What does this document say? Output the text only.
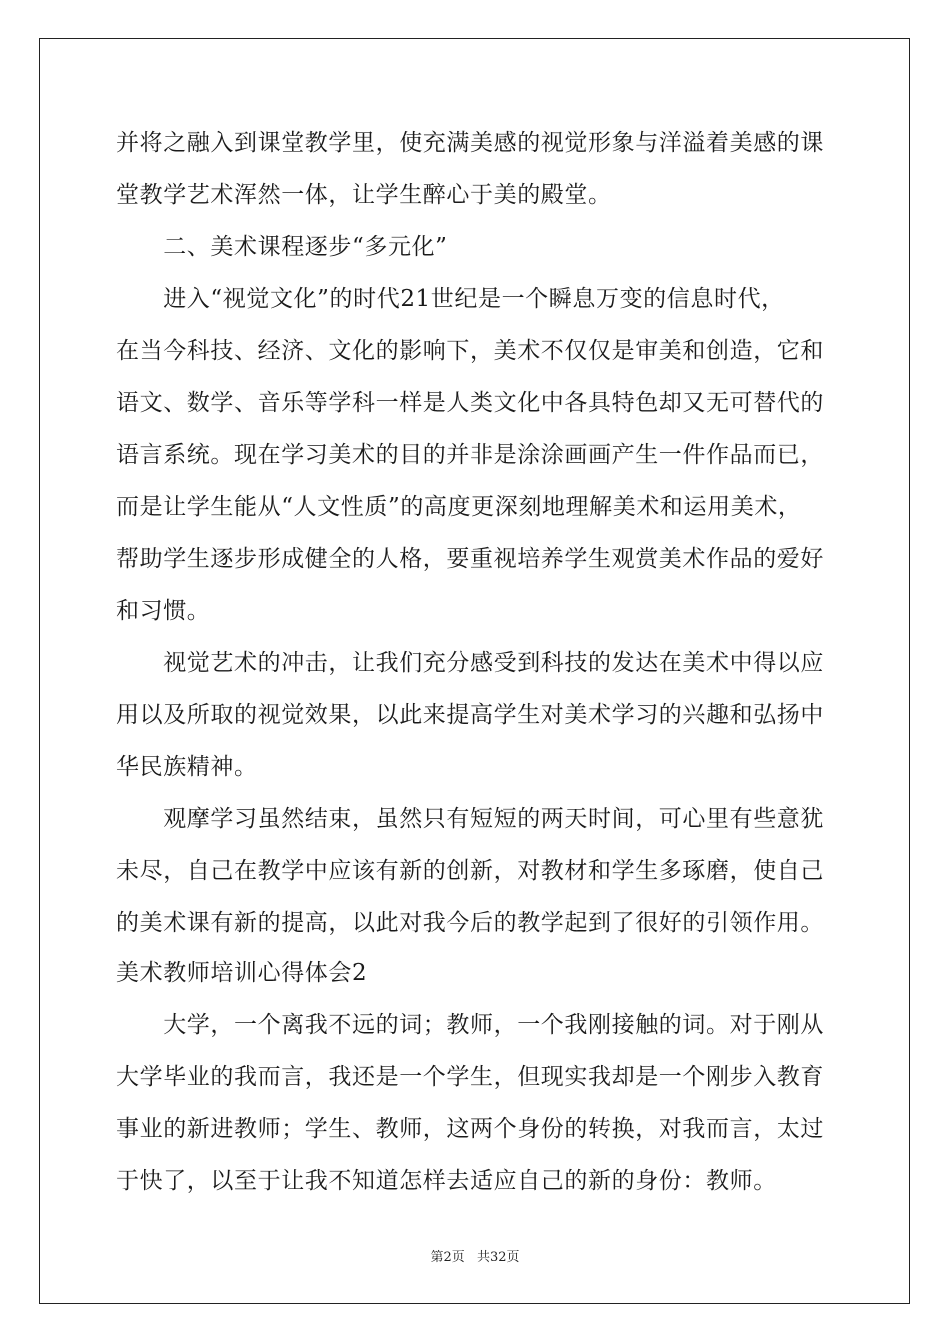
并将之融入到课堂教学里，使充满美感的视觉形象与洋溢着美感的课
堂教学艺术浑然一体，让学生醉心于美的殿堂。
　　二、美术课程逐步“多元化”
　　进入“视觉文化”的时代21世纪是一个瞬息万变的信息时代，
在当今科技、经济、文化的影响下，美术不仅仅是审美和创造，它和
语文、数学、音乐等学科一样是人类文化中各具特色却又无可替代的
语言系统。现在学习美术的目的并非是涂涂画画产生一件作品而已，
而是让学生能从“人文性质”的高度更深刻地理解美术和运用美术，
帮助学生逐步形成健全的人格，要重视培养学生观赏美术作品的爱好
和习惯。
　　视觉艺术的冲击，让我们充分感受到科技的发达在美术中得以应
用以及所取的视觉效果，以此来提高学生对美术学习的兴趣和弘扬中
华民族精神。
　　观摩学习虽然结束，虽然只有短短的两天时间，可心里有些意犹
未尽，自己在教学中应该有新的创新，对教材和学生多琢磨，使自己
的美术课有新的提高，以此对我今后的教学起到了很好的引领作用。
美术教师培训心得体会2
　　大学，一个离我不远的词；教师，一个我刚接触的词。对于刚从
大学毕业的我而言，我还是一个学生，但现实我却是一个刚步入教育
事业的新进教师；学生、教师，这两个身份的转换，对我而言，太过
于快了，以至于让我不知道怎样去适应自己的新的身份：教师。
第2页 共32页
